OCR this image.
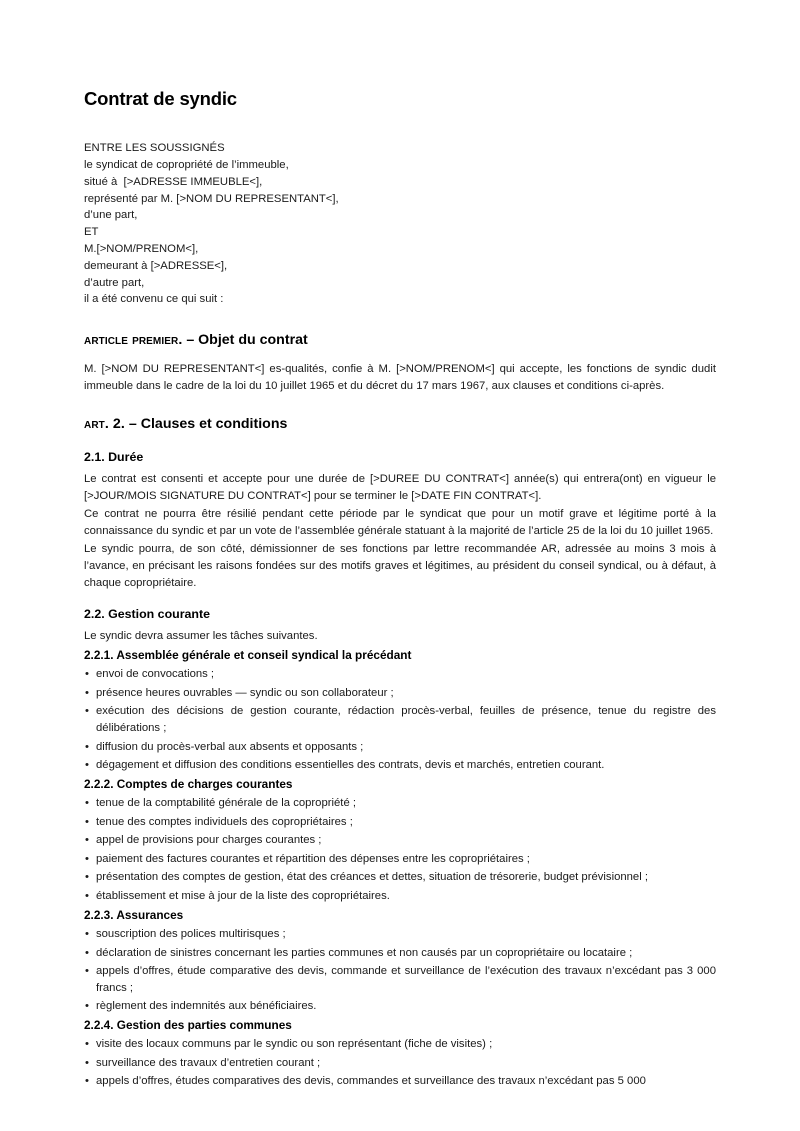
Contrat de syndic
ENTRE LES SOUSSIGNÉS
le syndicat de copropriété de l’immeuble,
situé à  [>ADRESSE IMMEUBLE<],
représenté par M. [>NOM DU REPRESENTANT<],
d’une part,
ET
M.[>NOM/PRENOM<],
demeurant à [>ADRESSE<],
d’autre part,
il a été convenu ce qui suit :
article premier. – Objet du contrat

M. [>NOM DU REPRESENTANT<] es-qualités, confie à M. [>NOM/PRENOM<] qui accepte, les fonctions de syndic dudit immeuble dans le cadre de la loi du 10 juillet 1965 et du décret du 17 mars 1967, aux clauses et conditions ci-après.

art. 2. – Clauses et conditions
2.1. Durée

Le contrat est consenti et accepte pour une durée de [>DUREE DU CONTRAT<] année(s) qui entrera(ont) en vigueur le [>JOUR/MOIS SIGNATURE DU CONTRAT<] pour se terminer le [>DATE FIN CONTRAT<].

Ce contrat ne pourra être résilié pendant cette période par le syndicat que pour un motif grave et légitime porté à la connaissance du syndic et par un vote de l’assemblée générale statuant à la majorité de l’article 25 de la loi du 10 juillet 1965.

Le syndic pourra, de son côté, démissionner de ses fonctions par lettre recommandée AR, adressée au moins 3 mois à l’avance, en précisant les raisons fondées sur des motifs graves et légitimes, au président du conseil syndical, ou à défaut, à chaque copropriétaire.

2.2. Gestion courante

Le syndic devra assumer les tâches suivantes.

2.2.1. Assemblée générale et conseil syndical la précédant
• envoi de convocations ;
• présence heures ouvrables — syndic ou son collaborateur ;
• exécution des décisions de gestion courante, rédaction procès-verbal, feuilles de présence, tenue du registre des délibérations ;
• diffusion du procès-verbal aux absents et opposants ;
• dégagement et diffusion des conditions essentielles des contrats, devis et marchés, entretien courant.
2.2.2. Comptes de charges courantes
• tenue de la comptabilité générale de la copropriété ;
• tenue des comptes individuels des copropriétaires ;
• appel de provisions pour charges courantes ;
• paiement des factures courantes et répartition des dépenses entre les copropriétaires ;
• présentation des comptes de gestion, état des créances et dettes, situation de trésorerie, budget prévisionnel ;
• établissement et mise à jour de la liste des copropriétaires.
2.2.3. Assurances
• souscription des polices multirisques ;
• déclaration de sinistres concernant les parties communes et non causés par un copropriétaire ou locataire ;
• appels d’offres, étude comparative des devis, commande et surveillance de l’exécution des travaux n’excédant pas 3 000 francs ;
• règlement des indemnités aux bénéficiaires.
2.2.4. Gestion des parties communes
• visite des locaux communs par le syndic ou son représentant (fiche de visites) ;
• surveillance des travaux d’entretien courant ;
• appels d’offres, études comparatives des devis, commandes et surveillance des travaux n’excédant pas 5 000
